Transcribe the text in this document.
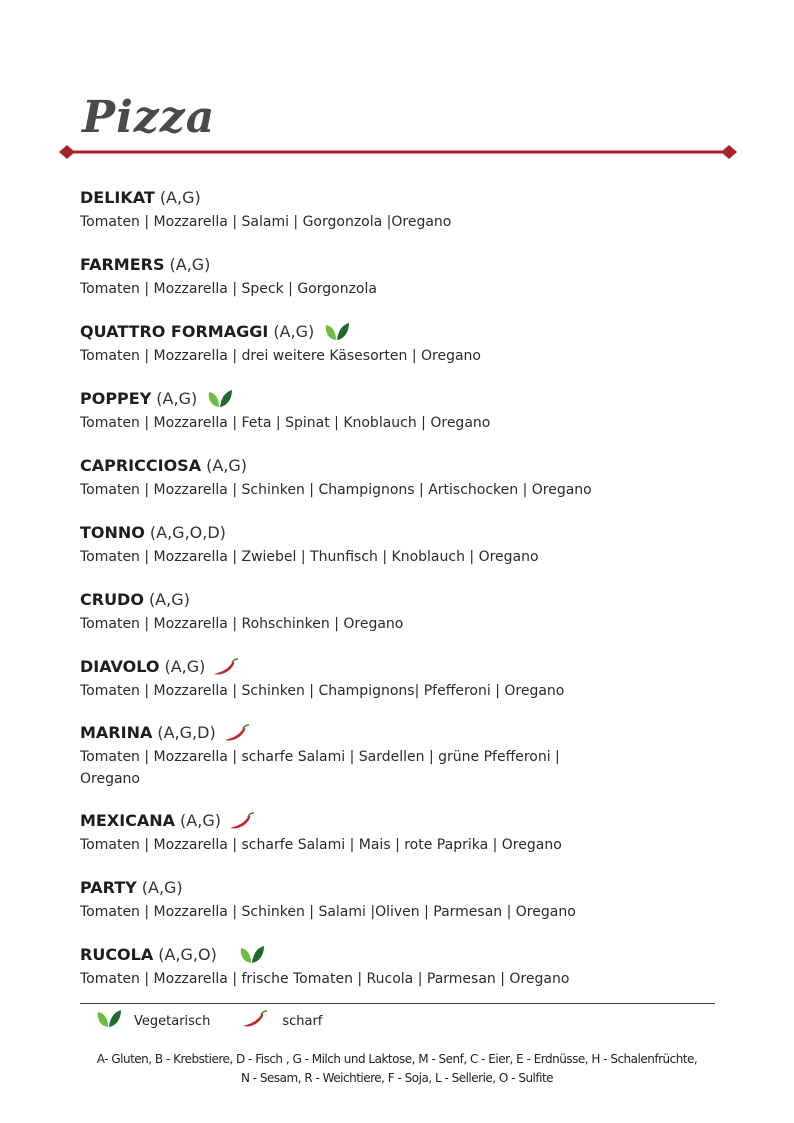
Pizza
DELIKAT (A,G)
Tomaten | Mozzarella | Salami | Gorgonzola |Oregano
FARMERS (A,G)
Tomaten | Mozzarella | Speck | Gorgonzola
QUATTRO FORMAGGI (A,G)
Tomaten | Mozzarella | drei weitere Käsesorten | Oregano
POPPEY (A,G)
Tomaten | Mozzarella | Feta | Spinat | Knoblauch | Oregano
CAPRICCIOSA (A,G)
Tomaten | Mozzarella | Schinken | Champignons | Artischocken | Oregano
TONNO (A,G,O,D)
Tomaten | Mozzarella | Zwiebel | Thunfisch | Knoblauch | Oregano
CRUDO (A,G)
Tomaten | Mozzarella | Rohschinken | Oregano
DIAVOLO (A,G)
Tomaten | Mozzarella | Schinken | Champignons| Pfefferoni | Oregano
MARINA (A,G,D)
Tomaten | Mozzarella | scharfe Salami | Sardellen | grüne Pfefferoni | Oregano
MEXICANA (A,G)
Tomaten | Mozzarella | scharfe Salami | Mais | rote Paprika | Oregano
PARTY (A,G)
Tomaten | Mozzarella | Schinken | Salami |Oliven | Parmesan | Oregano
RUCOLA (A,G,O)
Tomaten | Mozzarella | frische Tomaten | Rucola | Parmesan | Oregano
Vegetarisch	scharf
A- Gluten, B - Krebstiere, D - Fisch , G - Milch und Laktose, M - Senf, C - Eier, E - Erdnüsse, H - Schalenfrüchte,
N - Sesam, R - Weichtiere, F - Soja, L - Sellerie, O - Sulfite
